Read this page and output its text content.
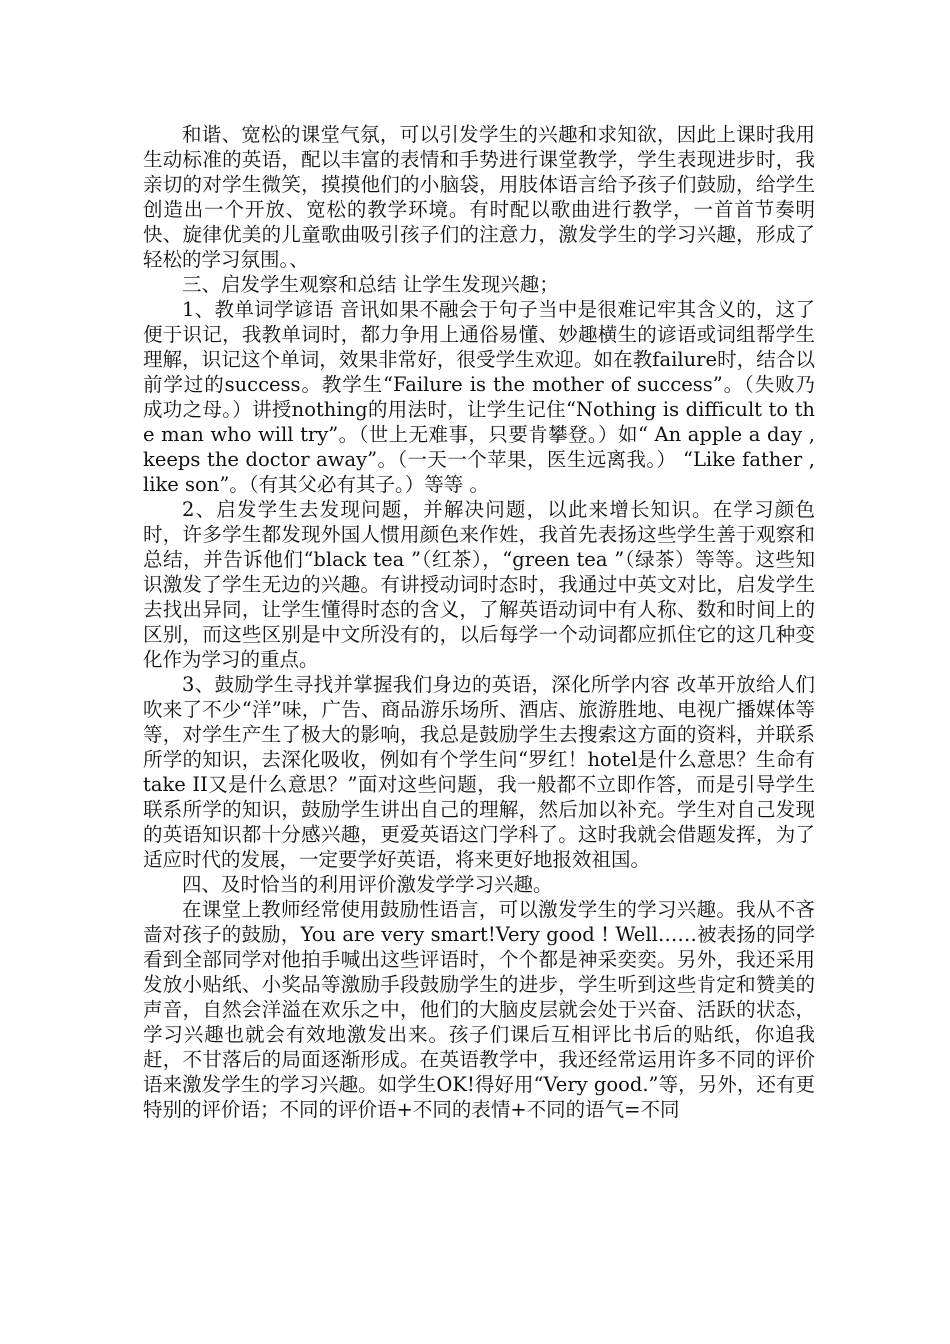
和谐、宽松的课堂气氛，可以引发学生的兴趣和求知欲，因此上课时我用生动标准的英语，配以丰富的表情和手势进行课堂教学，学生表现进步时，我亲切的对学生微笑，摸摸他们的小脑袋，用肢体语言给予孩子们鼓励，给学生创造出一个开放、宽松的教学环境。有时配以歌曲进行教学，一首首节奏明快、旋律优美的儿童歌曲吸引孩子们的注意力，激发学生的学习兴趣，形成了轻松的学习氛围。、

三、启发学生观察和总结 让学生发现兴趣；

1、教单词学谚语 音讯如果不融会于句子当中是很难记牢其含义的，这了便于识记，我教单词时，都力争用上通俗易懂、妙趣横生的谚语或词组帮学生理解，识记这个单词，效果非常好，很受学生欢迎。如在教failure时，结合以前学过的success。教学生“Failure is the mother of success”。（失败乃成功之母。）讲授nothing的用法时，让学生记住“Nothing is difficult to the man who will try”。（世上无难事，只要肯攀登。）如“ An apple a day , keeps the doctor away”。（一天一个苹果，医生远离我。） “Like father , like son”。（有其父必有其子。）等等 。

2、启发学生去发现问题，并解决问题，以此来增长知识。在学习颜色时，许多学生都发现外国人惯用颜色来作姓，我首先表扬这些学生善于观察和总结，并告诉他们“black tea ”（红茶），“green tea ”（绿茶）等等。这些知识激发了学生无边的兴趣。有讲授动词时态时，我通过中英文对比，启发学生去找出异同，让学生懂得时态的含义，了解英语动词中有人称、数和时间上的区别，而这些区别是中文所没有的，以后每学一个动词都应抓住它的这几种变化作为学习的重点。

3、鼓励学生寻找并掌握我们身边的英语，深化所学内容 改革开放给人们吹来了不少“洋”味，广告、商品游乐场所、酒店、旅游胜地、电视广播媒体等等，对学生产生了极大的影响，我总是鼓励学生去搜索这方面的资料，并联系所学的知识，去深化吸收，例如有个学生问“罗红！hotel是什么意思？生命有take II又是什么意思？”面对这些问题，我一般都不立即作答，而是引导学生联系所学的知识，鼓励学生讲出自己的理解，然后加以补充。学生对自己发现的英语知识都十分感兴趣，更爱英语这门学科了。这时我就会借题发挥，为了适应时代的发展，一定要学好英语，将来更好地报效祖国。

四、及时恰当的利用评价激发学学习兴趣。

在课堂上教师经常使用鼓励性语言，可以激发学生的学习兴趣。我从不吝啬对孩子的鼓励，You are very smart!Very good ! Well……被表扬的同学看到全部同学对他拍手喊出这些评语时，个个都是神采奕奕。另外，我还采用发放小贴纸、小奖品等激励手段鼓励学生的进步，学生听到这些肯定和赞美的声音，自然会洋溢在欢乐之中，他们的大脑皮层就会处于兴奋、活跃的状态，学习兴趣也就会有效地激发出来。孩子们课后互相评比书后的贴纸，你追我赶，不甘落后的局面逐渐形成。在英语教学中，我还经常运用许多不同的评价语来激发学生的学习兴趣。如学生OK!得好用“Very good.”等，另外，还有更特别的评价语；不同的评价语+不同的表情+不同的语气=不同
